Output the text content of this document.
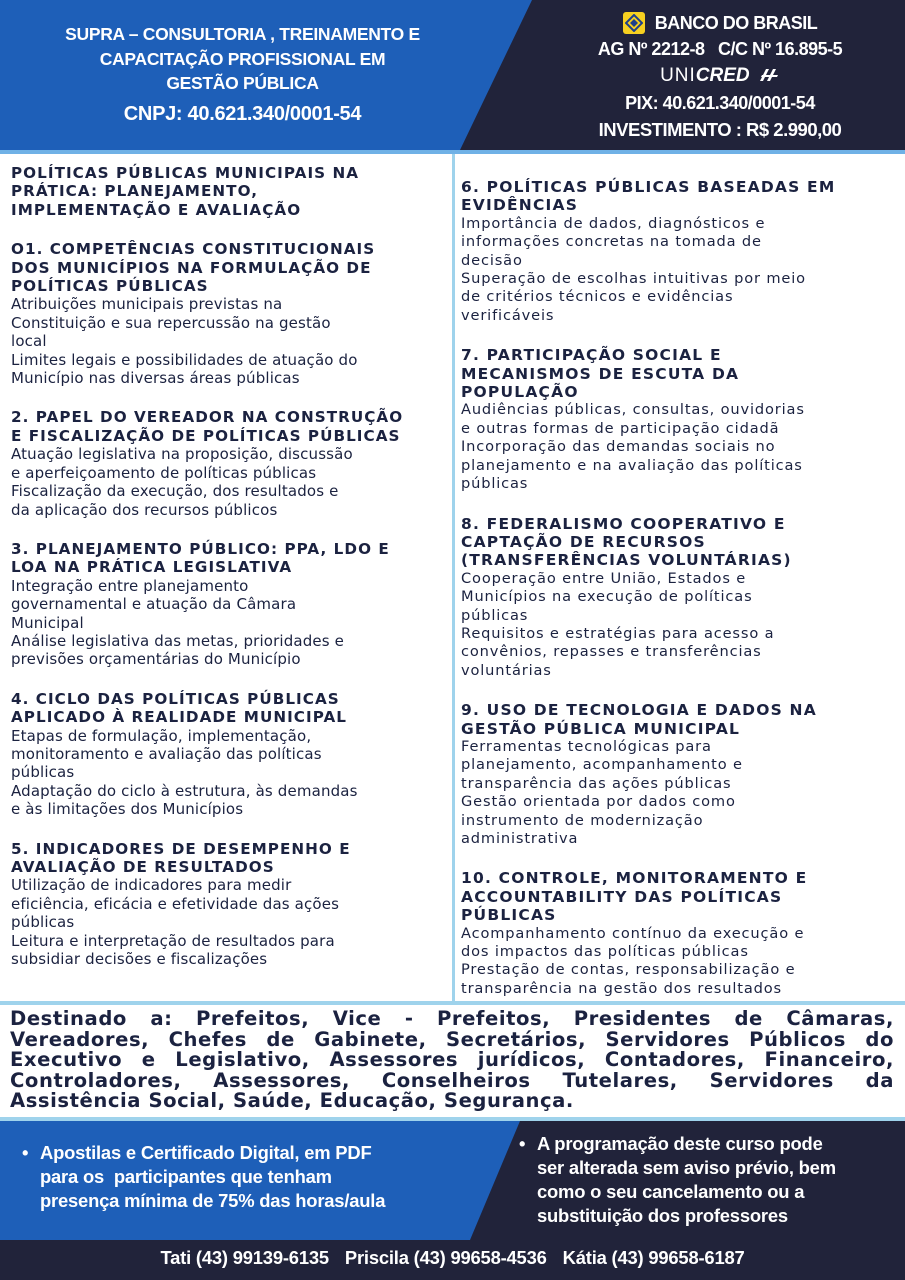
SUPRA – CONSULTORIA , TREINAMENTO E
CAPACITAÇÃO PROFISSIONAL EM
GESTÃO PÚBLICA
CNPJ: 40.621.340/0001-54
BANCO DO BRASIL
AG Nº 2212-8   C/C Nº 16.895-5
UNICRED
PIX: 40.621.340/0001-54
INVESTIMENTO : R$ 2.990,00
POLÍTICAS PÚBLICAS MUNICIPAIS NA
PRÁTICA: PLANEJAMENTO,
IMPLEMENTAÇÃO E AVALIAÇÃO
O1. COMPETÊNCIAS CONSTITUCIONAIS
DOS MUNICÍPIOS NA FORMULAÇÃO DE
POLÍTICAS PÚBLICAS
Atribuições municipais previstas na
Constituição e sua repercussão na gestão
local
Limites legais e possibilidades de atuação do
Município nas diversas áreas públicas
2. PAPEL DO VEREADOR NA CONSTRUÇÃO
E FISCALIZAÇÃO DE POLÍTICAS PÚBLICAS
Atuação legislativa na proposição, discussão
e aperfeiçoamento de políticas públicas
Fiscalização da execução, dos resultados e
da aplicação dos recursos públicos
3. PLANEJAMENTO PÚBLICO: PPA, LDO E
LOA NA PRÁTICA LEGISLATIVA
Integração entre planejamento
governamental e atuação da Câmara
Municipal
Análise legislativa das metas, prioridades e
previsões orçamentárias do Município
4. CICLO DAS POLÍTICAS PÚBLICAS
APLICADO À REALIDADE MUNICIPAL
Etapas de formulação, implementação,
monitoramento e avaliação das políticas
públicas
Adaptação do ciclo à estrutura, às demandas
e às limitações dos Municípios
5. INDICADORES DE DESEMPENHO E
AVALIAÇÃO DE RESULTADOS
Utilização de indicadores para medir
eficiência, eficácia e efetividade das ações
públicas
Leitura e interpretação de resultados para
subsidiar decisões e fiscalizações
6. POLÍTICAS PÚBLICAS BASEADAS EM
EVIDÊNCIAS
Importância de dados, diagnósticos e
informações concretas na tomada de
decisão
Superação de escolhas intuitivas por meio
de critérios técnicos e evidências
verificáveis
7. PARTICIPAÇÃO SOCIAL E
MECANISMOS DE ESCUTA DA
POPULAÇÃO
Audiências públicas, consultas, ouvidorias
e outras formas de participação cidadã
Incorporação das demandas sociais no
planejamento e na avaliação das políticas
públicas
8. FEDERALISMO COOPERATIVO E
CAPTAÇÃO DE RECURSOS
(TRANSFERÊNCIAS VOLUNTÁRIAS)
Cooperação entre União, Estados e
Municípios na execução de políticas
públicas
Requisitos e estratégias para acesso a
convênios, repasses e transferências
voluntárias
9. USO DE TECNOLOGIA E DADOS NA
GESTÃO PÚBLICA MUNICIPAL
Ferramentas tecnológicas para
planejamento, acompanhamento e
transparência das ações públicas
Gestão orientada por dados como
instrumento de modernização
administrativa
10. CONTROLE, MONITORAMENTO E
ACCOUNTABILITY DAS POLÍTICAS
PÚBLICAS
Acompanhamento contínuo da execução e
dos impactos das políticas públicas
Prestação de contas, responsabilização e
transparência na gestão dos resultados
Destinado a: Prefeitos, Vice - Prefeitos, Presidentes de Câmaras, Vereadores, Chefes de Gabinete, Secretários, Servidores Públicos do Executivo e Legislativo, Assessores jurídicos, Contadores, Financeiro, Controladores, Assessores, Conselheiros Tutelares, Servidores da Assistência Social, Saúde, Educação, Segurança.
• Apostilas e Certificado Digital, em PDF
para os  participantes que tenham
presença mínima de 75% das horas/aula
• A programação deste curso pode
ser alterada sem aviso prévio, bem
como o seu cancelamento ou a
substituição dos professores
Tati (43) 99139-6135 Priscila (43) 99658-4536 Kátia (43) 99658-6187
